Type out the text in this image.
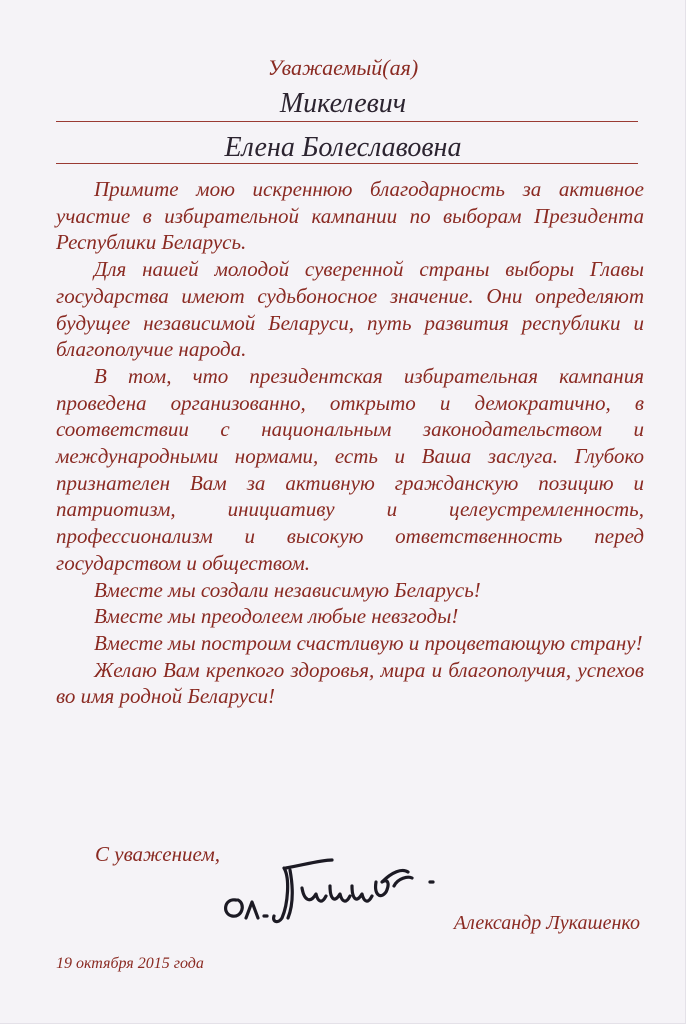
Уважаемый(ая)
Микелевич
Елена Болеславовна

Примите мою искреннюю благодарность за активное участие в избирательной кампании по выборам Президента Республики Беларусь.

Для нашей молодой суверенной страны выборы Главы государства имеют судьбоносное значение. Они определяют будущее независимой Беларуси, путь развития республики и благополучие народа.

В том, что президентская избирательная кампания проведена организованно, открыто и демократично, в соответствии с национальным законодательством и международными нормами, есть и Ваша заслуга. Глубоко признателен Вам за активную гражданскую позицию и патриотизм, инициативу и целеустремленность, профессионализм и высокую ответственность перед государством и обществом.

Вместе мы создали независимую Беларусь!

Вместе мы преодолеем любые невзгоды!

Вместе мы построим счастливую и процветающую страну!

Желаю Вам крепкого здоровья, мира и благополучия, успехов во имя родной Беларуси!

С уважением,
Александр Лукашенко
19 октября 2015 года
